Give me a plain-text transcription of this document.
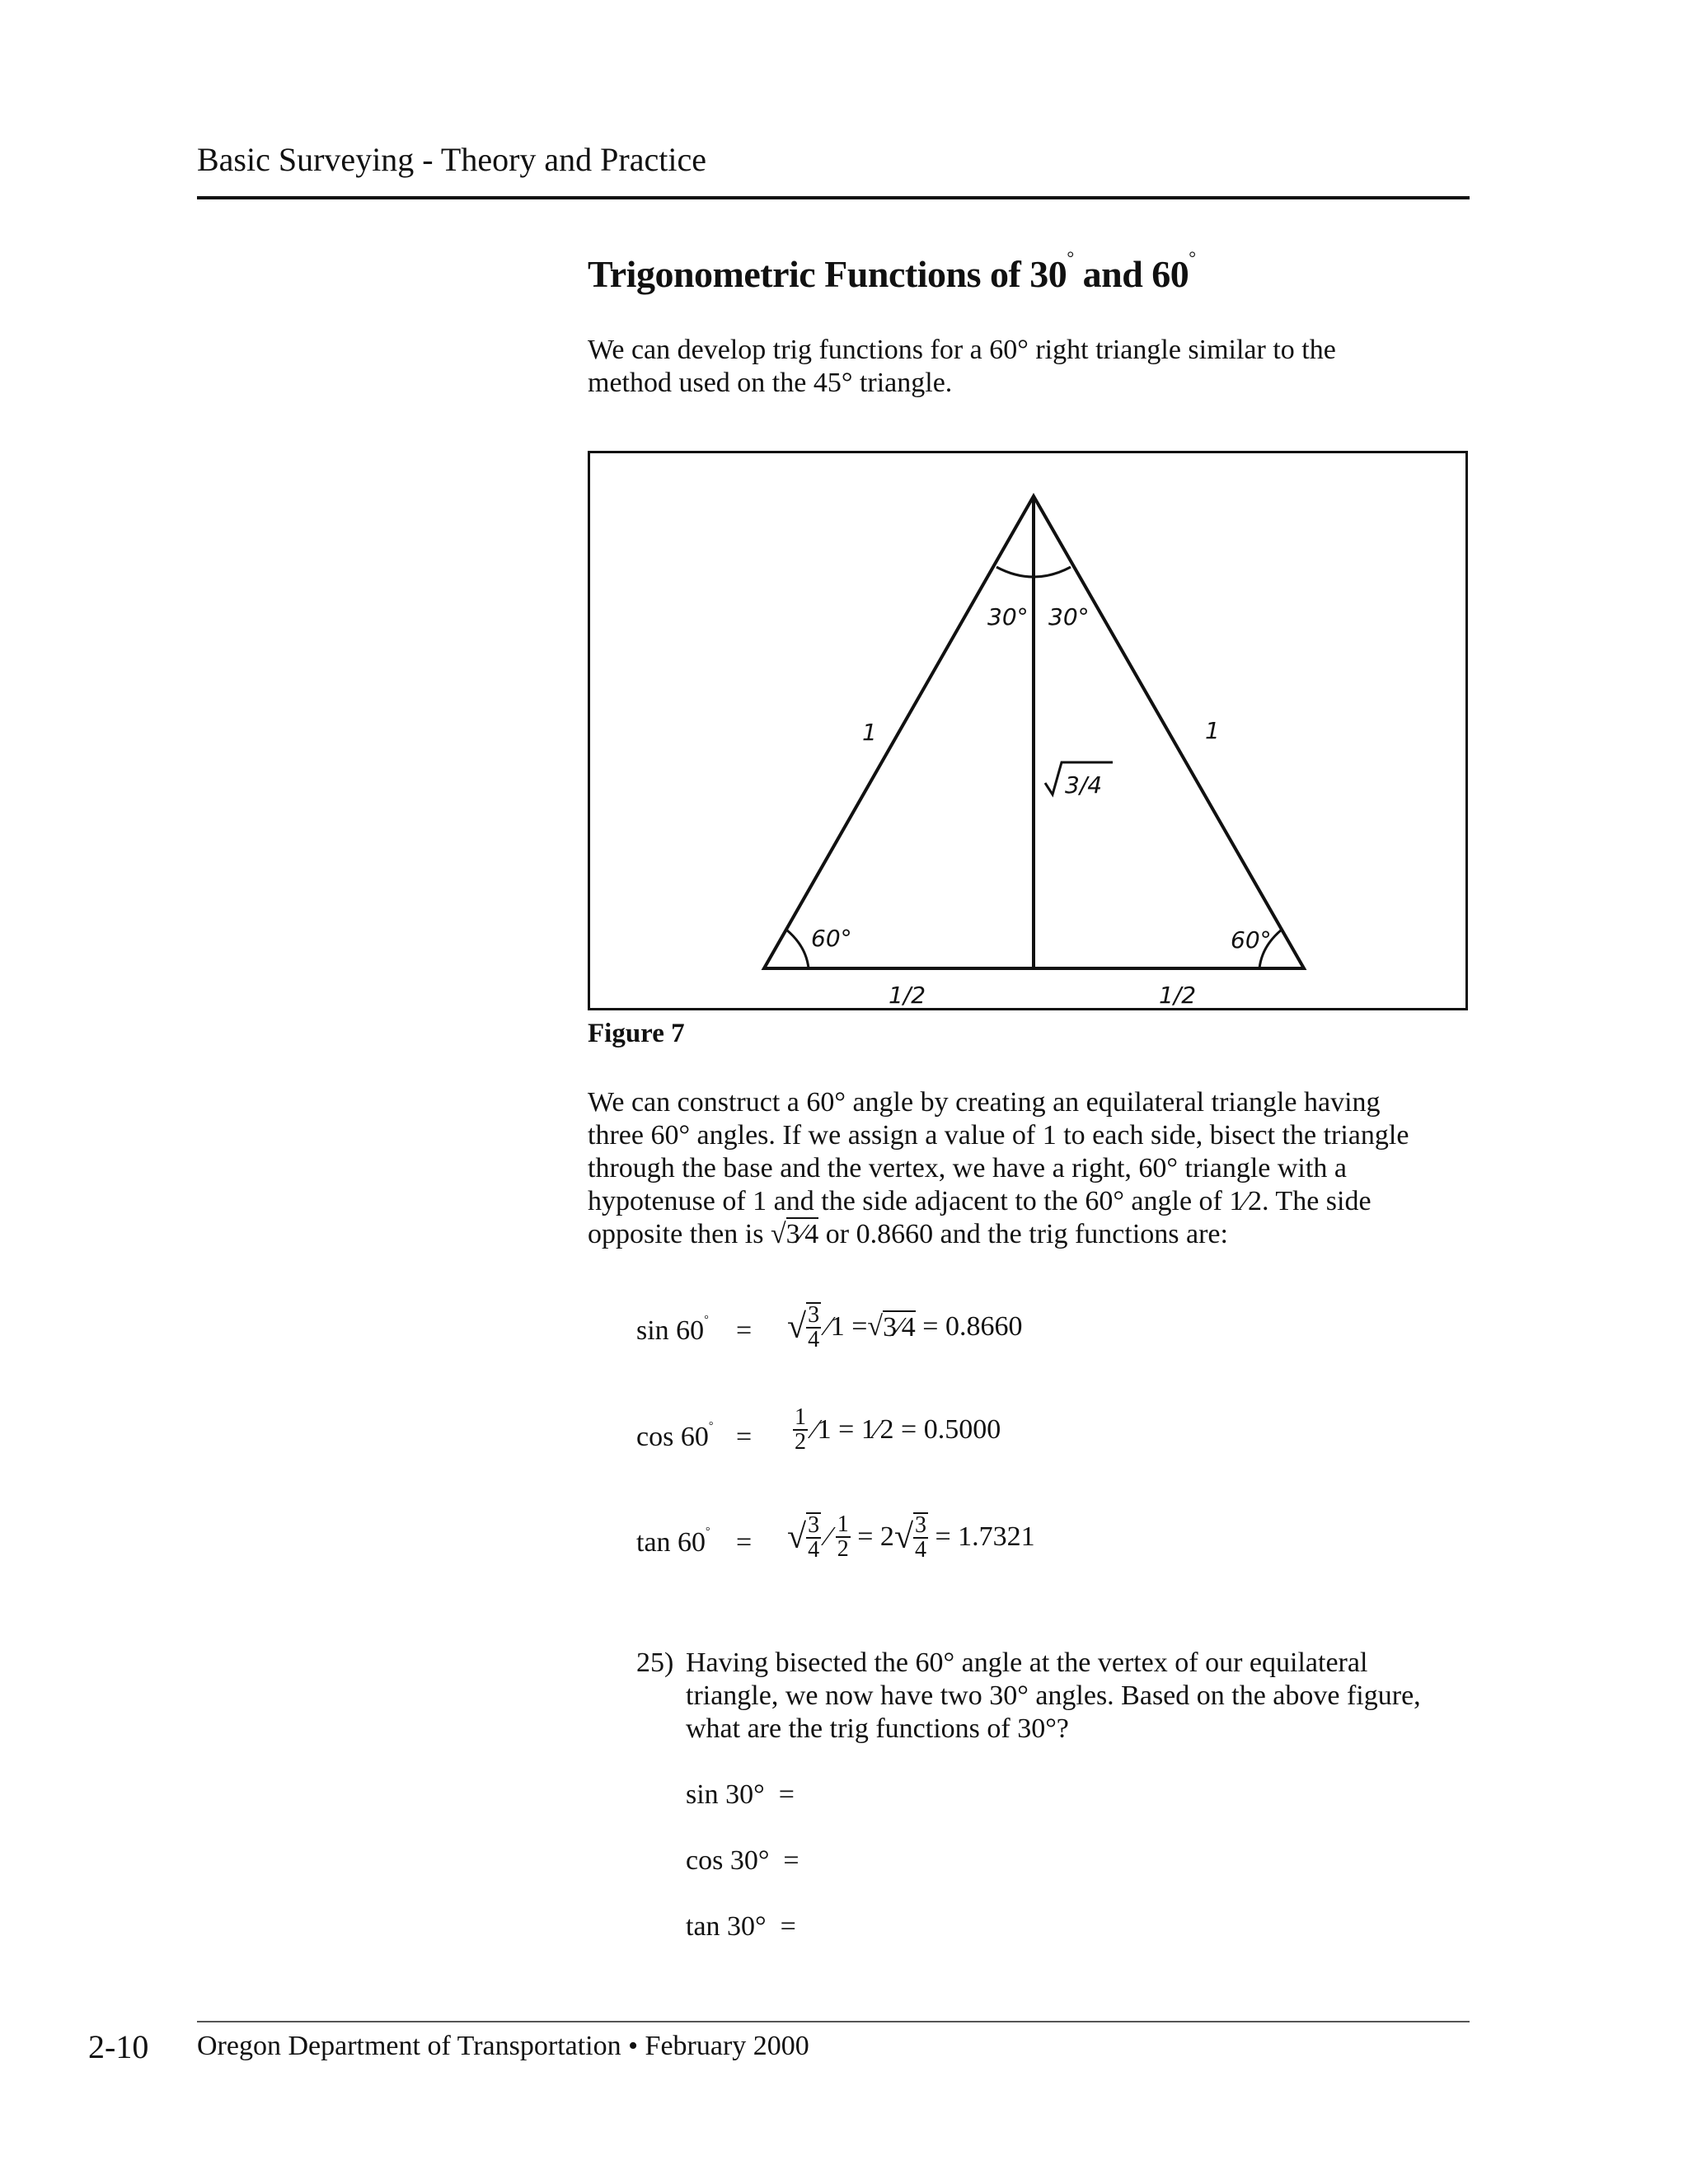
Basic Surveying - Theory and Practice
Trigonometric Functions of 30° and 60°
We can develop trig functions for a 60° right triangle similar to the
method used on the 45° triangle.
30° 30°
1	1
3/4
60°	60°
1/2	1/2
Figure 7
We can construct a 60° angle by creating an equilateral triangle having
three 60° angles. If we assign a value of 1 to each side, bisect the triangle
through the base and the vertex, we have a right, 60° triangle with a
hypotenuse of 1 and the side adjacent to the 60° angle of 1⁄2. The side
opposite then is √3⁄4 or 0.8660 and the trig functions are:
sin 60° = √ $\frac{3}{4}$ ⁄1 = √ 3⁄4 = 0.8660
$\cos 60^\circ = \frac{1}{2}$ ⁄1 = 1⁄2 = 0.5000
tan 60° = √ $\frac{3}{4}$ ⁄ $\frac{1}{2} = 2$ √ $\frac{3}{4} = 1.7321$
25) Having bisected the 60° angle at the vertex of our equilateral
triangle, we now have two 30° angles. Based on the above figure,
what are the trig functions of 30°?
sin 30° =
cos 30° =
tan 30° =
2-10 Oregon Department of Transportation • February 2000
